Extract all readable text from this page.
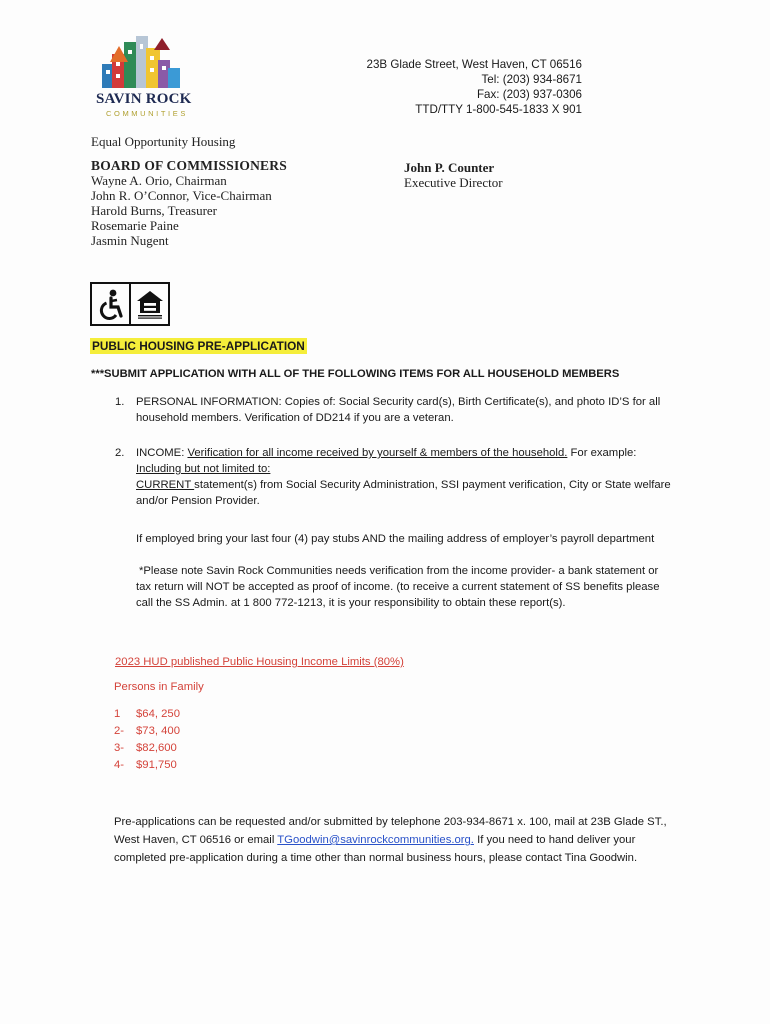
SAVIN ROCK
COMMUNITIES
23B Glade Street, West Haven, CT 06516
Tel: (203) 934-8671
Fax: (203) 937-0306
TTD/TTY 1-800-545-1833 X 901
Equal Opportunity Housing
BOARD OF COMMISSIONERS
Wayne A. Orio, Chairman
John R. O’Connor, Vice-Chairman
Harold Burns, Treasurer
Rosemarie Paine
Jasmin Nugent
John P. Counter
Executive Director
PUBLIC HOUSING PRE-APPLICATION
***SUBMIT APPLICATION WITH ALL OF THE FOLLOWING ITEMS FOR ALL HOUSEHOLD MEMBERS
1. PERSONAL INFORMATION: Copies of: Social Security card(s), Birth Certificate(s), and photo ID’S for all
household members. Verification of DD214 if you are a veteran.
2. INCOME: Verification for all income received by yourself & members of the household. For example:
Including but not limited to:
CURRENT statement(s) from Social Security Administration, SSI payment verification, City or State welfare
and/or Pension Provider.
If employed bring your last four (4) pay stubs AND the mailing address of employer’s payroll department
*Please note Savin Rock Communities needs verification from the income provider- a bank statement or
tax return will NOT be accepted as proof of income. (to receive a current statement of SS benefits please
call the SS Admin. at 1 800 772-1213, it is your responsibility to obtain these report(s).
2023 HUD published Public Housing Income Limits (80%)
Persons in Family
1 $64, 250
2- $73, 400
3- $82,600
4- $91,750
Pre-applications can be requested and/or submitted by telephone 203-934-8671 x. 100, mail at 23B Glade ST.,
West Haven, CT 06516 or email TGoodwin@savinrockcommunities.org. If you need to hand deliver your
completed pre-application during a time other than normal business hours, please contact Tina Goodwin.
